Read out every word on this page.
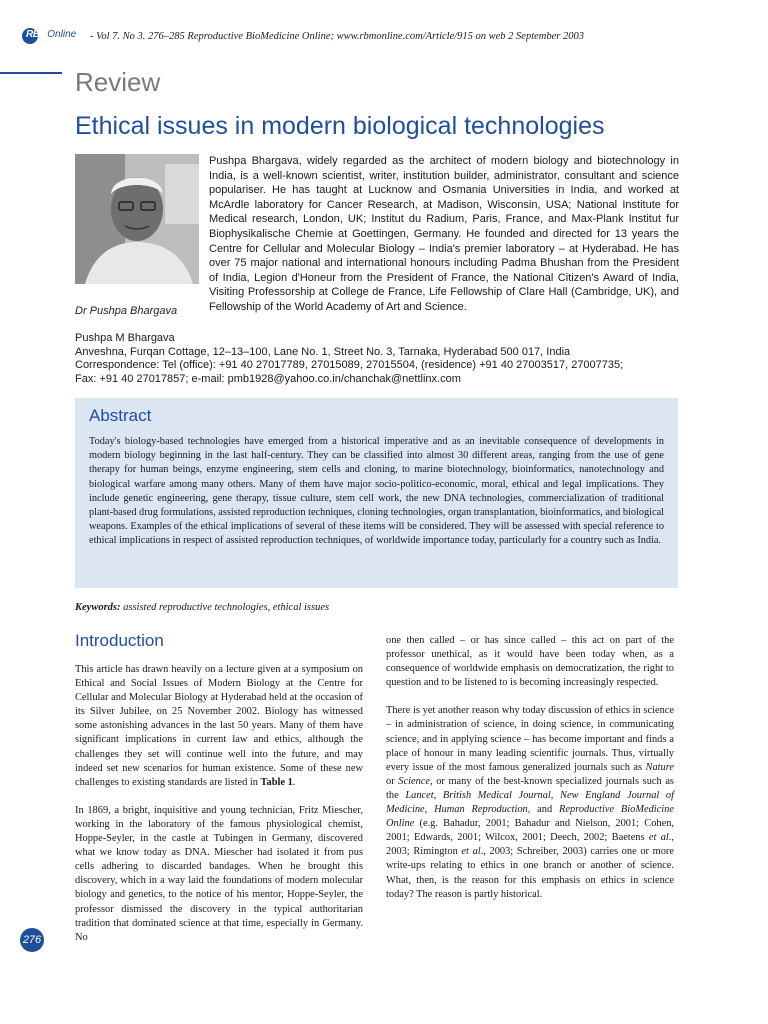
RBMOnline - Vol 7. No 3. 276–285 Reproductive BioMedicine Online; www.rbmonline.com/Article/915 on web 2 September 2003
Review
Ethical issues in modern biological technologies
Dr Pushpa Bhargava

Pushpa Bhargava, widely regarded as the architect of modern biology and biotechnology in India, is a well-known scientist, writer, institution builder, administrator, consultant and science populariser. He has taught at Lucknow and Osmania Universities in India, and worked at McArdle laboratory for Cancer Research, at Madison, Wisconsin, USA; National Institute for Medical research, London, UK; Institut du Radium, Paris, France, and Max-Plank Institut fur Biophysikalische Chemie at Goettingen, Germany. He founded and directed for 13 years the Centre for Cellular and Molecular Biology – India's premier laboratory – at Hyderabad. He has over 75 major national and international honours including Padma Bhushan from the President of India, Legion d'Honeur from the President of France, the National Citizen's Award of India, Visiting Professorship at College de France, Life Fellowship of Clare Hall (Cambridge, UK), and Fellowship of the World Academy of Art and Science.

Pushpa M Bhargava
Anveshna, Furqan Cottage, 12–13–100, Lane No. 1, Street No. 3, Tarnaka, Hyderabad 500 017, India
Correspondence: Tel (office): +91 40 27017789, 27015089, 27015504, (residence) +91 40 27003517, 27007735;
Fax: +91 40 27017857; e-mail: pmb1928@yahoo.co.in/chanchak@nettlinx.com
Abstract

Today's biology-based technologies have emerged from a historical imperative and as an inevitable consequence of developments in modern biology beginning in the last half-century. They can be classified into almost 30 different areas, ranging from the use of gene therapy for human beings, enzyme engineering, stem cells and cloning, to marine biotechnology, bioinformatics, nanotechnology and biological warfare among many others. Many of them have major socio-politico-economic, moral, ethical and legal implications. They include genetic engineering, gene therapy, tissue culture, stem cell work, the new DNA technologies, commercialization of traditional plant-based drug formulations, assisted reproduction techniques, cloning technologies, organ transplantation, bioinformatics, and biological weapons. Examples of the ethical implications of several of these items will be considered. They will be assessed with special reference to ethical implications in respect of assisted reproduction techniques, of worldwide importance today, particularly for a country such as India.

Keywords: assisted reproductive technologies, ethical issues
Introduction

This article has drawn heavily on a lecture given at a symposium on Ethical and Social Issues of Modern Biology at the Centre for Cellular and Molecular Biology at Hyderabad held at the occasion of its Silver Jubilee, on 25 November 2002. Biology has witnessed some astonishing advances in the last 50 years. Many of them have significant implications in current law and ethics, although the challenges they set will continue well into the future, and may indeed set new scenarios for human existence. Some of these new challenges to existing standards are listed in Table 1.

In 1869, a bright, inquisitive and young technician, Fritz Miescher, working in the laboratory of the famous physiological chemist, Hoppe-Seyler, in the castle at Tubingen in Germany, discovered what we know today as DNA. Miescher had isolated it from pus cells adhering to discarded bandages. When he brought this discovery, which in a way laid the foundations of modern molecular biology and genetics, to the notice of his mentor, Hoppe-Seyler, the professor dismissed the discovery in the typical authoritarian tradition that dominated science at that time, especially in Germany. No

one then called – or has since called – this act on part of the professor unethical, as it would have been today when, as a consequence of worldwide emphasis on democratization, the right to question and to be listened to is becoming increasingly respected.

There is yet another reason why today discussion of ethics in science – in administration of science, in doing science, in communicating science, and in applying science – has become important and finds a place of honour in many leading scientific journals. Thus, virtually every issue of the most famous generalized journals such as Nature or Science, or many of the best-known specialized journals such as the Lancet, British Medical Journal, New England Journal of Medicine, Human Reproduction, and Reproductive BioMedicine Online (e.g. Bahadur, 2001; Bahadur and Nielson, 2001; Cohen, 2001; Edwards, 2001; Wilcox, 2001; Deech, 2002; Baetens et al., 2003; Rimington et al., 2003; Schreiber, 2003) carries one or more write-ups relating to ethics in one branch or another of science. What, then, is the reason for this emphasis on ethics in science today? The reason is partly historical.

276
